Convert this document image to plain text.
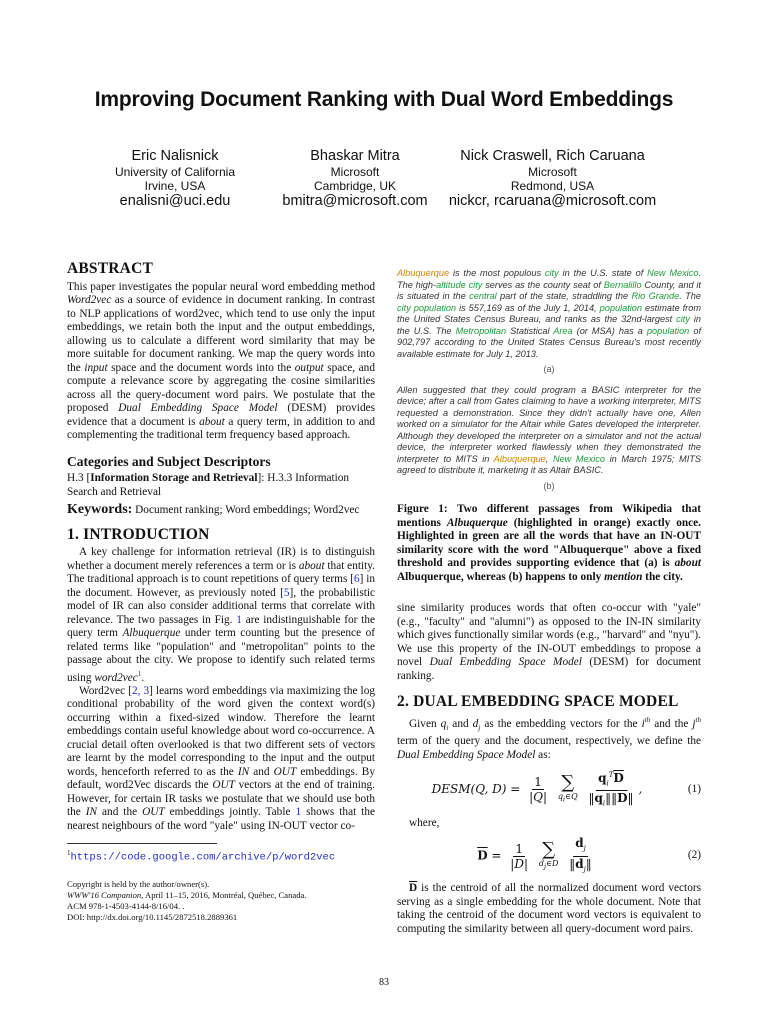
Improving Document Ranking with Dual Word Embeddings
Eric Nalisnick
University of California
Irvine, USA
enalisni@uci.edu
Bhaskar Mitra
Microsoft
Cambridge, UK
bmitra@microsoft.com
Nick Craswell, Rich Caruana
Microsoft
Redmond, USA
nickcr, rcaruana@microsoft.com
ABSTRACT

This paper investigates the popular neural word embedding method Word2vec as a source of evidence in document ranking. In contrast to NLP applications of word2vec, which tend to use only the input embeddings, we retain both the input and the output embeddings, allowing us to calculate a different word similarity that may be more suitable for document ranking. We map the query words into the input space and the document words into the output space, and compute a relevance score by aggregating the cosine similarities across all the query-document word pairs. We postulate that the proposed Dual Embedding Space Model (DESM) provides evidence that a document is about a query term, in addition to and complementing the traditional term frequency based approach.

Categories and Subject Descriptors

H.3 [Information Storage and Retrieval]: H.3.3 Information Search and Retrieval

Keywords: Document ranking; Word embeddings; Word2vec

1. INTRODUCTION

A key challenge for information retrieval (IR) is to distinguish whether a document merely references a term or is about that entity. The traditional approach is to count repetitions of query terms [6] in the document. However, as previously noted [5], the probabilistic model of IR can also consider additional terms that correlate with relevance. The two passages in Fig. 1 are indistinguishable for the query term Albuquerque under term counting but the presence of related terms like "population" and "metropolitan" points to the passage about the city. We propose to identify such related terms using word2vec$^1$.

Word2vec [2, 3] learns word embeddings via maximizing the log conditional probability of the word given the context word(s) occurring within a fixed-sized window. Therefore the learnt embeddings contain useful knowledge about word co-occurrence. A crucial detail often overlooked is that two different sets of vectors are learnt by the model corresponding to the input and the output words, henceforth referred to as the IN and OUT embeddings. By default, word2Vec discards the OUT vectors at the end of training. However, for certain IR tasks we postulate that we should use both the IN and the OUT embeddings jointly. Table 1 shows that the nearest neighbours of the word "yale" using IN-OUT vector co-

$^1$https://code.google.com/archive/p/word2vec
Copyright is held by the author/owner(s).
WWW'16 Companion, April 11–15, 2016, Montréal, Québec, Canada.
ACM 978-1-4503-4144-8/16/04. .
DOI: http://dx.doi.org/10.1145/2872518.2889361
Albuquerque is the most populous city in the U.S. state of New Mexico. The high-altitude city serves as the county seat of Bernalillo County, and it is situated in the central part of the state, straddling the Rio Grande. The city population is 557,169 as of the July 1, 2014, population estimate from the United States Census Bureau, and ranks as the 32nd-largest city in the U.S. The Metropolitan Statistical Area (or MSA) has a population of 902,797 according to the United States Census Bureau's most recently available estimate for July 1, 2013.
(a)
Allen suggested that they could program a BASIC interpreter for the device; after a call from Gates claiming to have a working interpreter, MITS requested a demonstration. Since they didn't actually have one, Allen worked on a simulator for the Altair while Gates developed the interpreter. Although they developed the interpreter on a simulator and not the actual device, the interpreter worked flawlessly when they demonstrated the interpreter to MITS in Albuquerque, New Mexico in March 1975; MITS agreed to distribute it, marketing it as Altair BASIC.
(b)
Figure 1: Two different passages from Wikipedia that mentions Albuquerque (highlighted in orange) exactly once. Highlighted in green are all the words that have an IN-OUT similarity score with the word "Albuquerque" above a fixed threshold and provides supporting evidence that (a) is about Albuquerque, whereas (b) happens to only mention the city.

sine similarity produces words that often co-occur with "yale" (e.g., "faculty" and "alumni") as opposed to the IN-IN similarity which gives functionally similar words (e.g., "harvard" and "nyu"). We use this property of the IN-OUT embeddings to propose a novel Dual Embedding Space Model (DESM) for document ranking.

2. DUAL EMBEDDING SPACE MODEL

Given $q_i$ and $d_j$ as the embedding vectors for the $i^{th}$ and the $j^{th}$ term of the query and the document, respectively, we define the Dual Embedding Space Model as:

DESM(Q, $D) = \frac{1}{|Q|}$
∑
$q_i\in Q$
$\frac{q_i^T\overline{D}}{‖q_i‖‖\overline{D}‖}$ ,	(1)

where,

$\overline{D} = \frac{1}{|D|}$
∑
$d_j\in D$
$\frac{d_j}{‖d_j‖}$	(2)

$\overline{D}$ is the centroid of all the normalized document word vectors serving as a single embedding for the whole document. Note that taking the centroid of the document word vectors is equivalent to computing the similarity between all query-document word pairs.

83
